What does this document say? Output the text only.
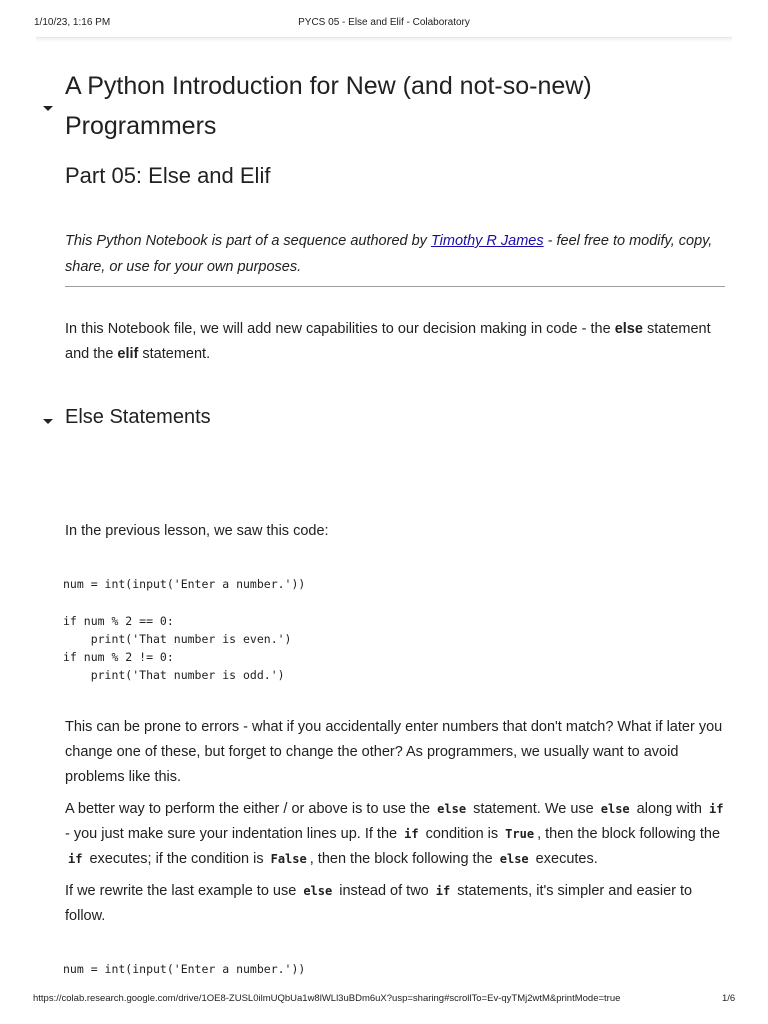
1/10/23, 1:16 PM	PYCS 05 - Else and Elif - Colaboratory
A Python Introduction for New (and not-so-new) Programmers
Part 05: Else and Elif

This Python Notebook is part of a sequence authored by Timothy R James - feel free to modify, copy, share, or use for your own purposes.

In this Notebook file, we will add new capabilities to our decision making in code - the else statement and the elif statement.

Else Statements

In the previous lesson, we saw this code:

num = int(input('Enter a number.'))

if num % 2 == 0:
print('That number is even.')
if num % 2 != 0:
print('That number is odd.')

This can be prone to errors - what if you accidentally enter numbers that don't match? What if later you change one of these, but forget to change the other? As programmers, we usually want to avoid problems like this.

A better way to perform the either / or above is to use the else statement. We use else along with if - you just make sure your indentation lines up. If the if condition is True , then the block following the if executes; if the condition is False , then the block following the else executes.

If we rewrite the last example to use else instead of two if statements, it's simpler and easier to follow.

num = int(input('Enter a number.'))
https://colab.research.google.com/drive/1OE8-ZUSL0ilmUQbUa1w8lWLl3uBDm6uX?usp=sharing#scrollTo=Ev-qyTMj2wtM&printMode=true	1/6
